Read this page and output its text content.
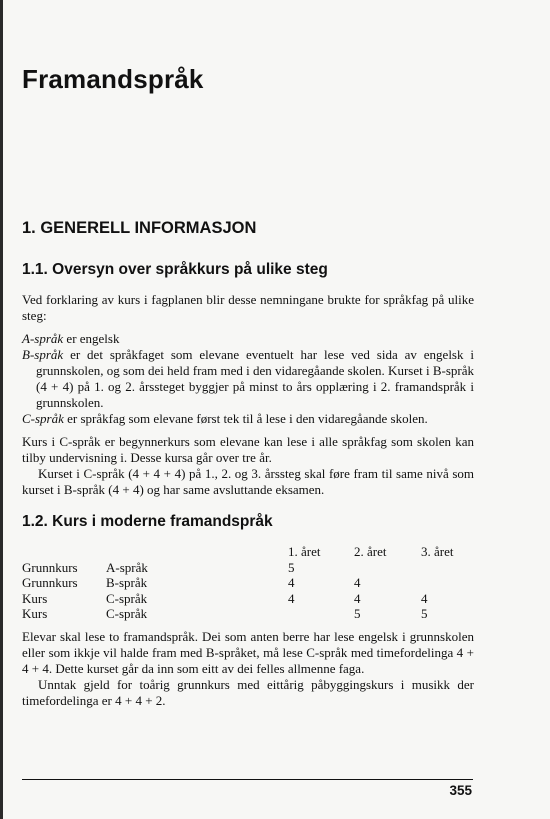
Framandspråk
1. GENERELL INFORMASJON
1.1. Oversyn over språkkurs på ulike steg

Ved forklaring av kurs i fagplanen blir desse nemningane brukte for språkfag på ulike steg:

A-språk er engelsk

B-språk er det språkfaget som elevane eventuelt har lese ved sida av engelsk i grunnskolen, og som dei held fram med i den vidaregåande skolen. Kurset i B-språk (4 + 4) på 1. og 2. årssteget byggjer på minst to års opplæring i 2. framandspråk i grunnskolen.

C-språk er språkfag som elevane først tek til å lese i den vidaregåande skolen.

Kurs i C-språk er begynnerkurs som elevane kan lese i alle språkfag som skolen kan tilby undervisning i. Desse kursa går over tre år.

Kurset i C-språk (4 + 4 + 4) på 1., 2. og 3. årssteg skal føre fram til same nivå som kurset i B-språk (4 + 4) og har same avsluttande eksamen.

1.2. Kurs i moderne framandspråk
		1. året	2. året	3. året
Grunnkurs	A-språk	5		
Grunnkurs	B-språk	4	4	
Kurs	C-språk	4	4	4
Kurs	C-språk		5	5

Elevar skal lese to framandspråk. Dei som anten berre har lese engelsk i grunnskolen eller som ikkje vil halde fram med B-språket, må lese C-språk med timefordelinga 4 + 4 + 4. Dette kurset går da inn som eitt av dei felles allmenne faga.

Unntak gjeld for toårig grunnkurs med eittårig påbyggingskurs i musikk der timefordelinga er 4 + 4 + 2.

355
